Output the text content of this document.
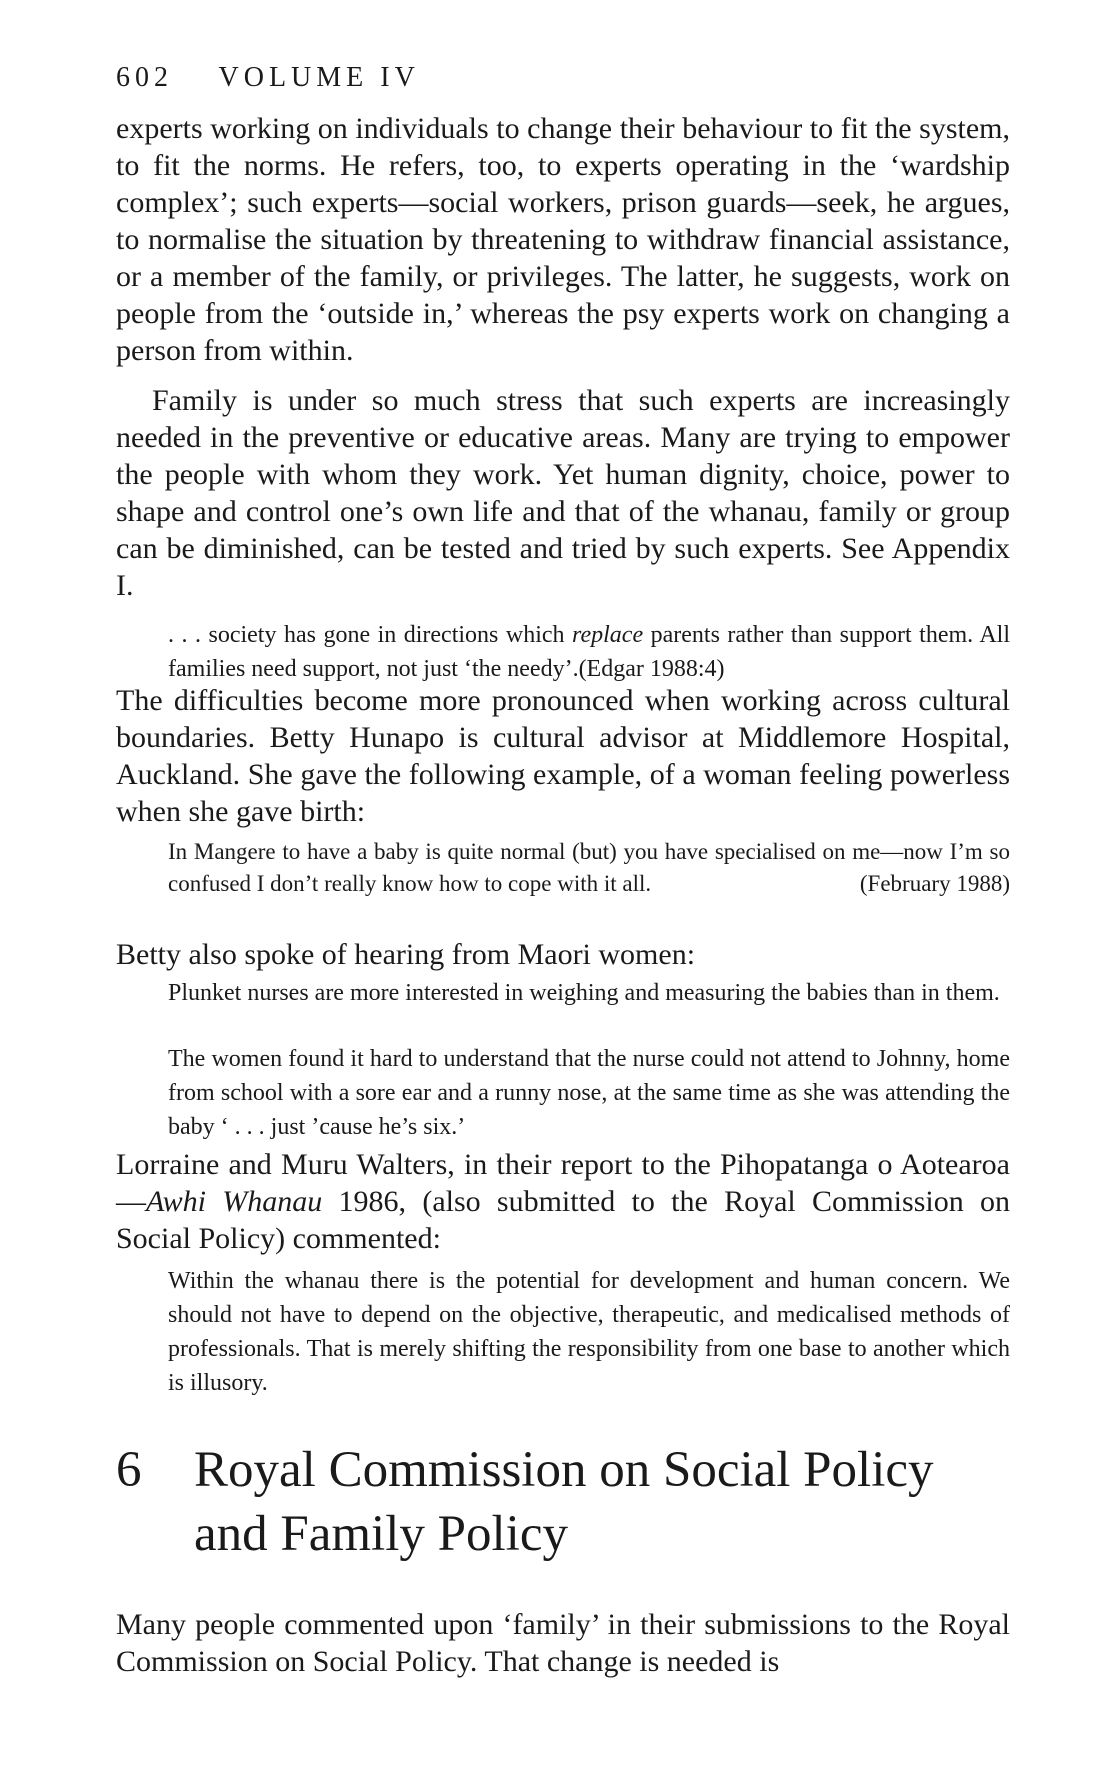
602 VOLUME IV

experts working on individuals to change their behaviour to fit the system, to fit the norms. He refers, too, to experts operating in the ‘wardship complex’; such experts—social workers, prison guards—seek, he argues, to normalise the situation by threatening to withdraw financial assistance, or a member of the family, or privileges. The latter, he suggests, work on people from the ‘outside in,’ whereas the psy experts work on changing a person from within.

Family is under so much stress that such experts are increasingly needed in the preventive or educative areas. Many are trying to empower the people with whom they work. Yet human dignity, choice, power to shape and control one’s own life and that of the whanau, family or group can be diminished, can be tested and tried by such experts. See Appendix I.

. . . society has gone in directions which replace parents rather than support them. All families need support, not just ‘the needy’.(Edgar 1988:4)

The difficulties become more pronounced when working across cultural boundaries. Betty Hunapo is cultural advisor at Middlemore Hospital, Auckland. She gave the following example, of a woman feeling powerless when she gave birth:

In Mangere to have a baby is quite normal (but) you have specialised on me—now I’m so confused I don’t really know how to cope with it all.	(February 1988)

Betty also spoke of hearing from Maori women:

Plunket nurses are more interested in weighing and measuring the babies than in them.

The women found it hard to understand that the nurse could not attend to Johnny, home from school with a sore ear and a runny nose, at the same time as she was attending the baby ‘ . . . just ’cause he’s six.’

Lorraine and Muru Walters, in their report to the Pihopatanga o Aotearoa—Awhi Whanau 1986, (also submitted to the Royal Commission on Social Policy) commented:

Within the whanau there is the potential for development and human concern. We should not have to depend on the objective, therapeutic, and medicalised methods of professionals. That is merely shifting the responsibility from one base to another which is illusory.

6 Royal Commission on Social Policy and Family Policy

Many people commented upon ‘family’ in their submissions to the Royal Commission on Social Policy. That change is needed is
